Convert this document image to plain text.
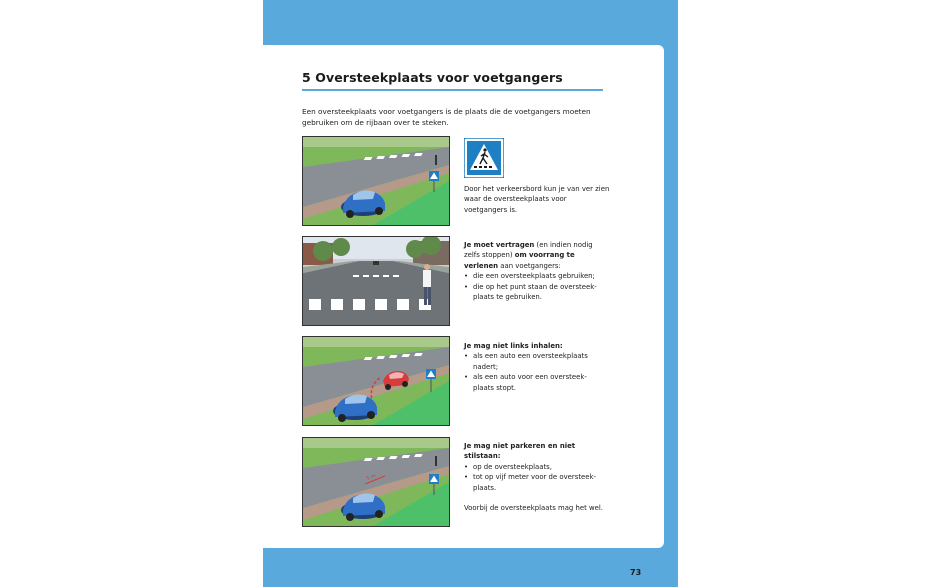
5 Oversteekplaats voor voetgangers
Een oversteekplaats voor voetgangers is de plaats die de voetgangers moeten gebruiken om de rijbaan over te steken.
Door het verkeersbord kun je van ver zien waar de oversteekplaats voor voetgangers is.
Je moet vertragen (en indien nodig zelfs stoppen) om voorrang te verlenen aan voetgangers:
• die een oversteekplaats gebruiken;
• die op het punt staan de oversteek- plaats te gebruiken.
Je mag niet links inhalen:
• als een auto een oversteekplaats nadert;
• als een auto voor een oversteek- plaats stopt.
5 m
Je mag niet parkeren en niet stilstaan:
• op de oversteekplaats,
• tot op vijf meter voor de oversteek- plaats.
Voorbij de oversteekplaats mag het wel.
73
